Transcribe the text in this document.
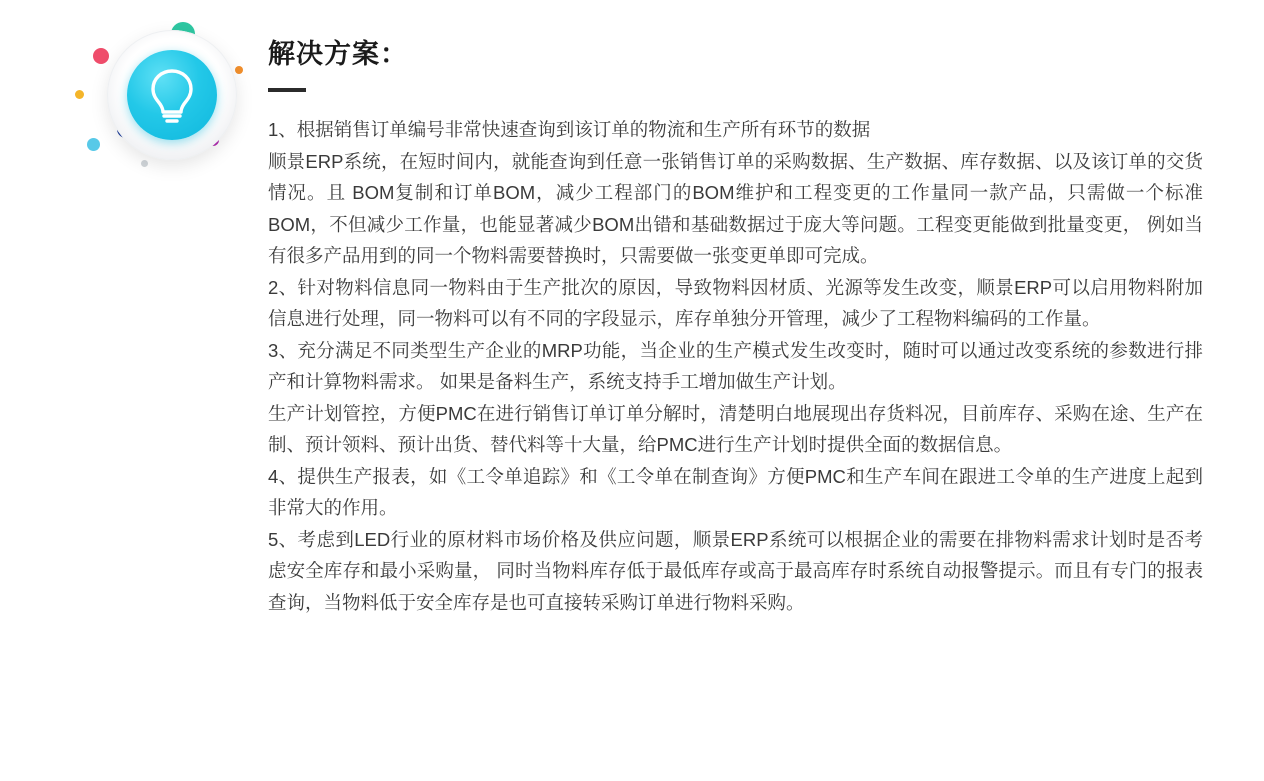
解决方案：

1、根据销售订单编号非常快速查询到该订单的物流和生产所有环节的数据

顺景ERP系统，在短时间内，就能查询到任意一张销售订单的采购数据、生产数据、库存数据、以及该订单的交货情况。且 BOM复制和订单BOM，减少工程部门的BOM维护和工程变更的工作量同一款产品，只需做一个标准BOM，不但减少工作量，也能显著减少BOM出错和基础数据过于庞大等问题。工程变更能做到批量变更， 例如当有很多产品用到的同一个物料需要替换时，只需要做一张变更单即可完成。

2、针对物料信息同一物料由于生产批次的原因，导致物料因材质、光源等发生改变，顺景ERP可以启用物料附加信息进行处理，同一物料可以有不同的字段显示，库存单独分开管理，减少了工程物料编码的工作量。

3、充分满足不同类型生产企业的MRP功能，当企业的生产模式发生改变时，随时可以通过改变系统的参数进行排产和计算物料需求。 如果是备料生产，系统支持手工增加做生产计划。

生产计划管控，方便PMC在进行销售订单订单分解时，清楚明白地展现出存货料况，目前库存、采购在途、生产在制、预计领料、预计出货、替代料等十大量，给PMC进行生产计划时提供全面的数据信息。

4、提供生产报表，如《工令单追踪》和《工令单在制查询》方便PMC和生产车间在跟进工令单的生产进度上起到非常大的作用。

5、考虑到LED行业的原材料市场价格及供应问题，顺景ERP系统可以根据企业的需要在排物料需求计划时是否考虑安全库存和最小采购量， 同时当物料库存低于最低库存或高于最高库存时系统自动报警提示。而且有专门的报表查询，当物料低于安全库存是也可直接转采购订单进行物料采购。
